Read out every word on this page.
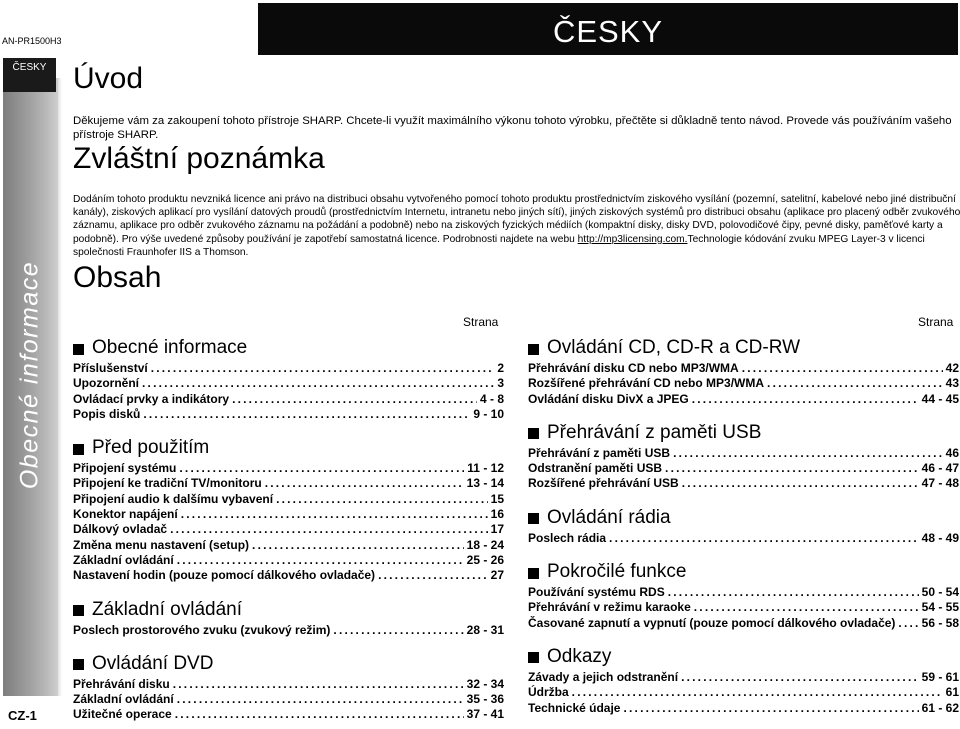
AN-PR1500H3	ČESKY
ČESKY
Obecné informace
CZ-1
Úvod

Děkujeme vám za zakoupení tohoto přístroje SHARP. Chcete-li využít maximálního výkonu tohoto výrobku, přečtěte si důkladně tento návod. Provede vás používáním vašeho přístroje SHARP.

Zvláštní poznámka

Dodáním tohoto produktu nevzniká licence ani právo na distribuci obsahu vytvořeného pomocí tohoto produktu prostřednictvím ziskového vysílání (pozemní, satelitní, kabelové nebo jiné distribuční kanály), ziskových aplikací pro vysílání datových proudů (prostřednictvím Internetu, intranetu nebo jiných sítí), jiných ziskových systémů pro distribuci obsahu (aplikace pro placený odběr zvukového záznamu, aplikace pro odběr zvukového záznamu na požádání a podobně) nebo na ziskových fyzických médiích (kompaktní disky, disky DVD, polovodičové čipy, pevné disky, paměťové karty a podobně). Pro výše uvedené způsoby používání je zapotřebí samostatná licence. Podrobnosti najdete na webu http://mp3licensing.com.Technologie kódování zvuku MPEG Layer-3 v licenci společnosti Fraunhofer IIS a Thomson.

Obsah
Strana	Strana
Obecné informace
Příslušenství .....	2
Upozornění .....	3
Ovládací prvky a indikátory .....	4 - 8
Popis disků .....	9 - 10
Před použitím
Připojení systému .....	11 - 12
Připojení ke tradiční TV/monitoru .....	13 - 14
Připojení audio k dalšímu vybavení .....	15
Konektor napájení .....	16
Dálkový ovladač .....	17
Změna menu nastavení (setup) .....	18 - 24
Základní ovládání .....	25 - 26
Nastavení hodin (pouze pomocí dálkového ovladače) .....	27
Základní ovládání
Poslech prostorového zvuku (zvukový režim) .....	28 - 31
Ovládání DVD
Přehrávání disku .....	32 - 34
Základní ovládání .....	35 - 36
Užitečné operace .....	37 - 41
Ovládání CD, CD-R a CD-RW
Přehrávání disku CD nebo MP3/WMA .....	42
Rozšířené přehrávání CD nebo MP3/WMA .....	43
Ovládání disku DivX a JPEG .....	44 - 45
Přehrávání z paměti USB
Přehrávání z paměti USB .....	46
Odstranění paměti USB .....	46 - 47
Rozšířené přehrávání USB .....	47 - 48
Ovládání rádia
Poslech rádia .....	48 - 49
Pokročilé funkce
Používání systému RDS .....	50 - 54
Přehrávání v režimu karaoke .....	54 - 55
Časované zapnutí a vypnutí (pouze pomocí dálkového ovladače) ..... 56 - 58
Odkazy
Závady a jejich odstranění .....	59 - 61
Údržba .....	61
Technické údaje .....	61 - 62
